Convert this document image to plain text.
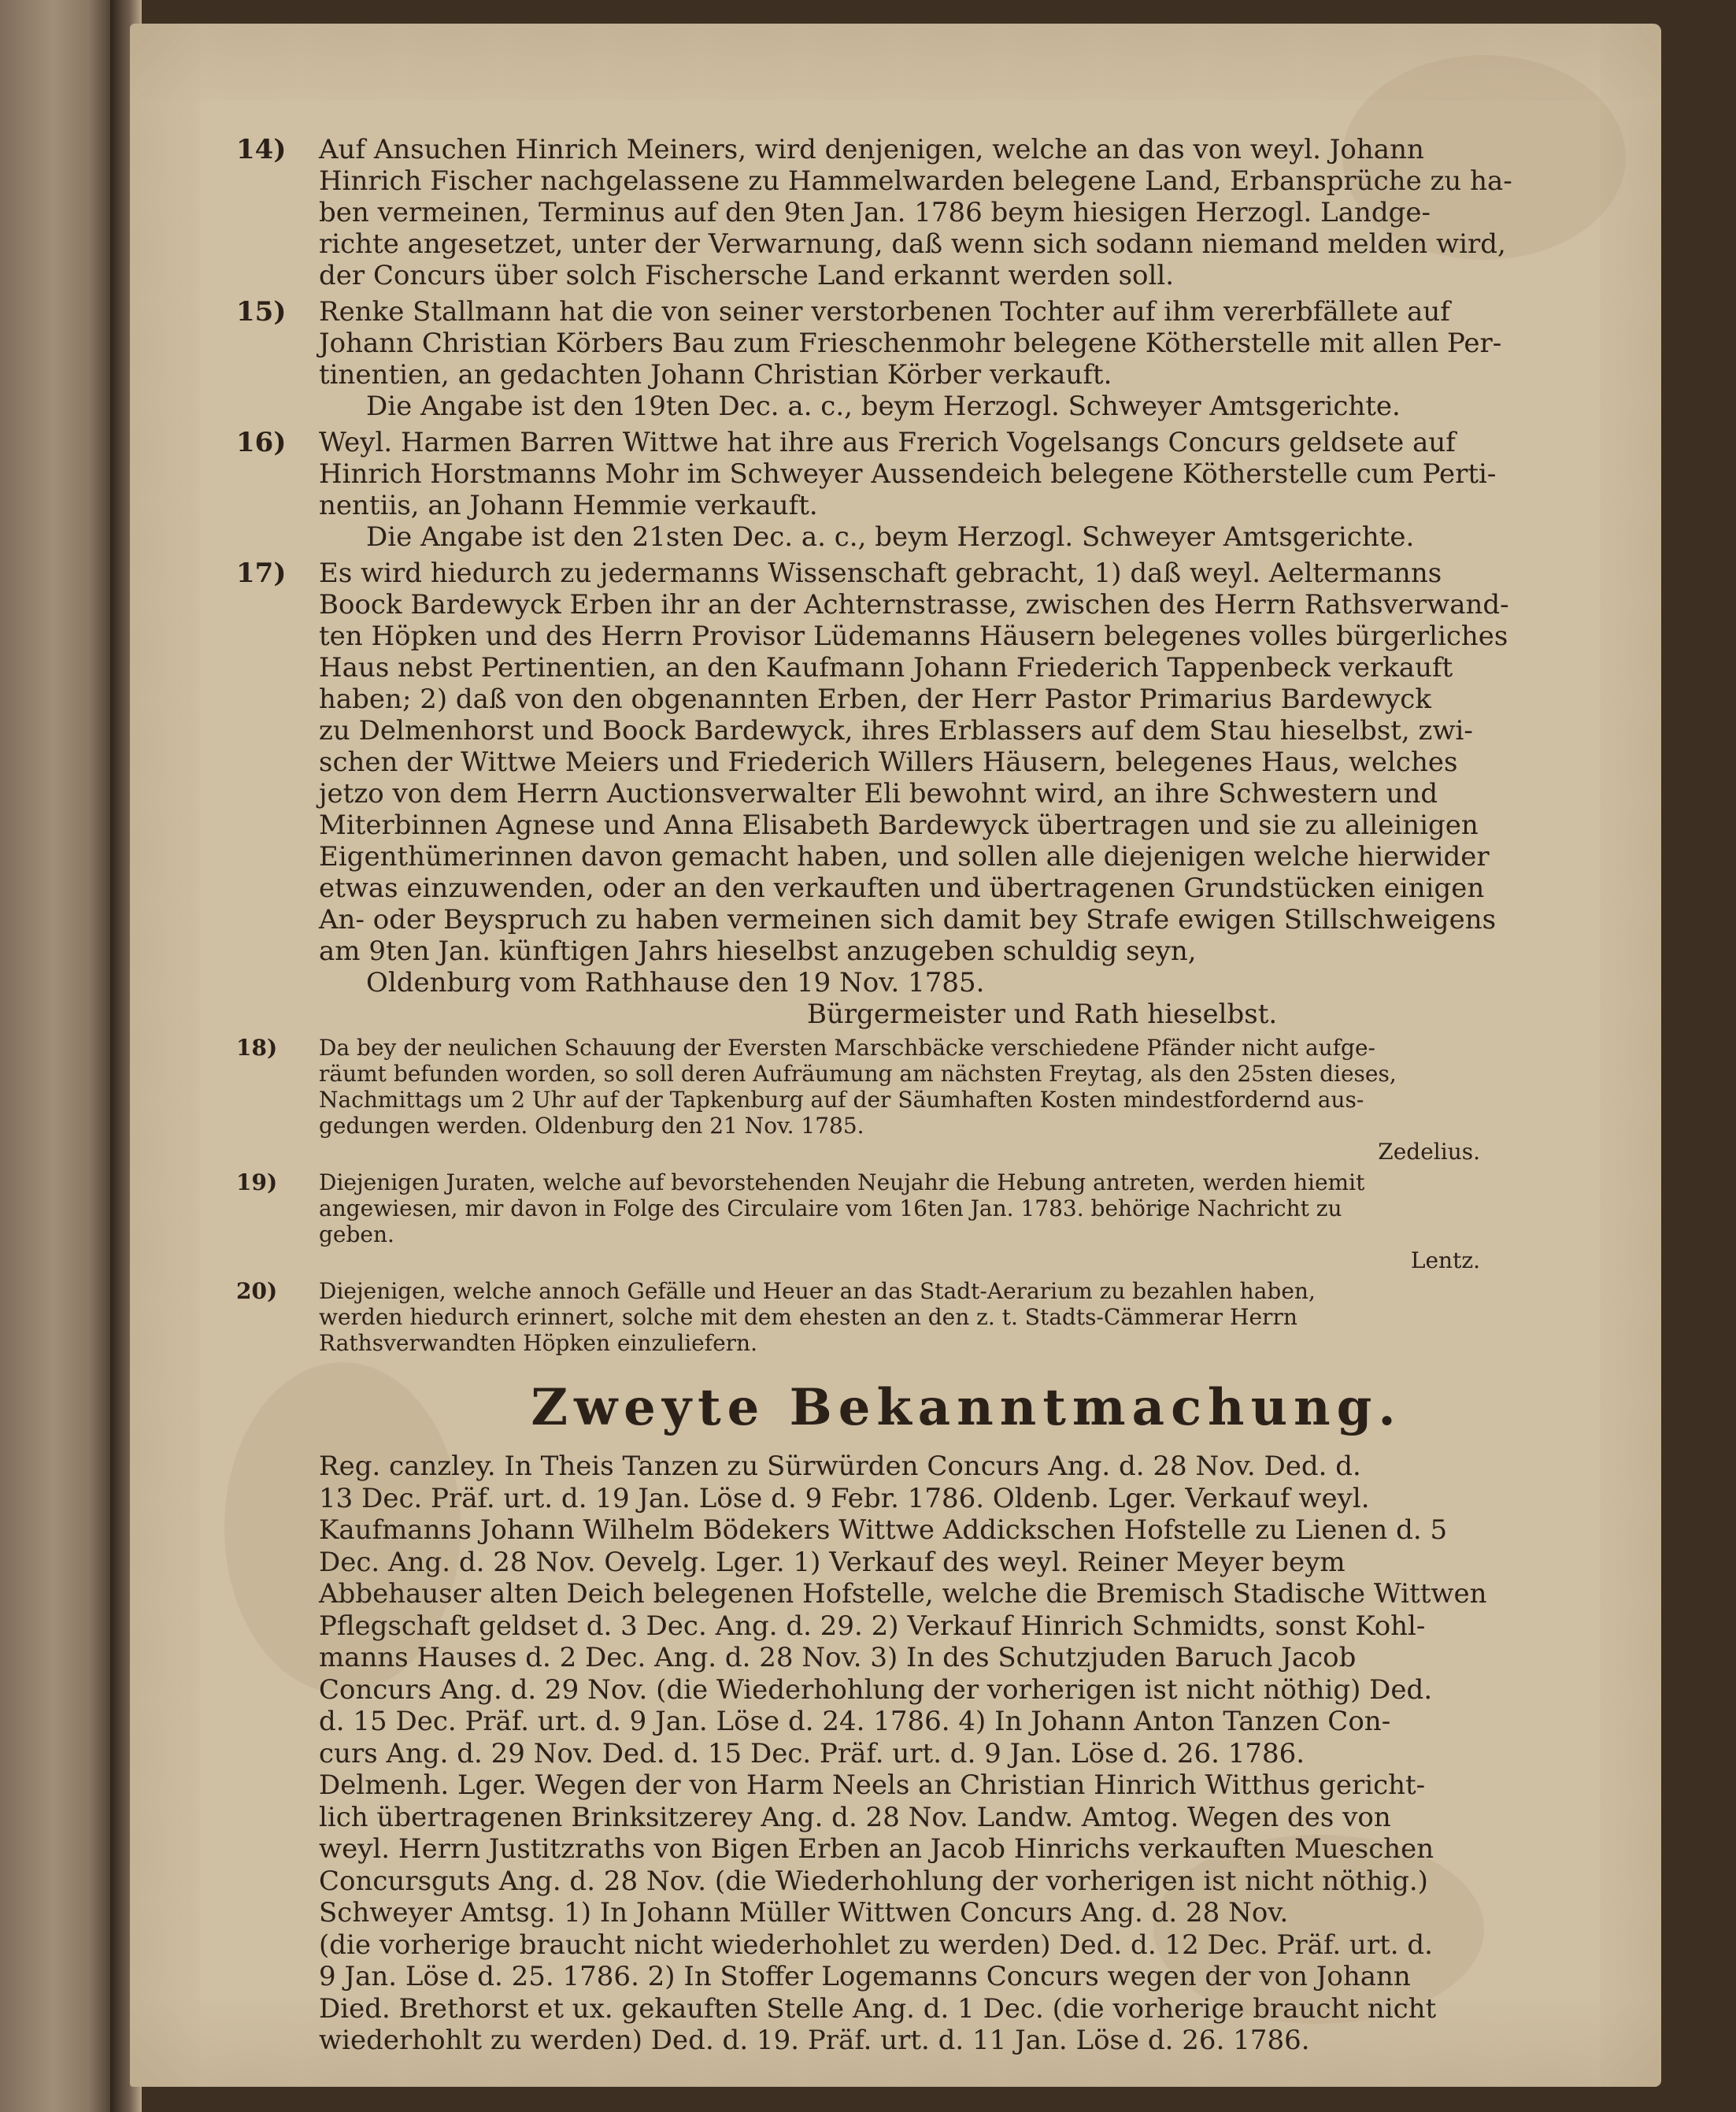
14)	Auf Ansuchen Hinrich Meiners, wird denjenigen, welche an das von weyl. Johann
Hinrich Fischer nachgelassene zu Hammelwarden belegene Land, Erbansprüche zu ha-
ben vermeinen, Terminus auf den 9ten Jan. 1786 beym hiesigen Herzogl. Landge-
richte angesetzet, unter der Verwarnung, daß wenn sich sodann niemand melden wird,
der Concurs über solch Fischersche Land erkannt werden soll.
15)	Renke Stallmann hat die von seiner verstorbenen Tochter auf ihm vererbfällete auf
Johann Christian Körbers Bau zum Frieschenmohr belegene Kötherstelle mit allen Per-
tinentien, an gedachten Johann Christian Körber verkauft.
Die Angabe ist den 19ten Dec. a. c., beym Herzogl. Schweyer Amtsgerichte.
16)	Weyl. Harmen Barren Wittwe hat ihre aus Frerich Vogelsangs Concurs geldsete auf
Hinrich Horstmanns Mohr im Schweyer Aussendeich belegene Kötherstelle cum Perti-
nentiis, an Johann Hemmie verkauft.
Die Angabe ist den 21sten Dec. a. c., beym Herzogl. Schweyer Amtsgerichte.
17)	Es wird hiedurch zu jedermanns Wissenschaft gebracht, 1) daß weyl. Aeltermanns
Boock Bardewyck Erben ihr an der Achternstrasse, zwischen des Herrn Rathsverwand-
ten Höpken und des Herrn Provisor Lüdemanns Häusern belegenes volles bürgerliches
Haus nebst Pertinentien, an den Kaufmann Johann Friederich Tappenbeck verkauft
haben; 2) daß von den obgenannten Erben, der Herr Pastor Primarius Bardewyck
zu Delmenhorst und Boock Bardewyck, ihres Erblassers auf dem Stau hieselbst, zwi-
schen der Wittwe Meiers und Friederich Willers Häusern, belegenes Haus, welches
jetzo von dem Herrn Auctionsverwalter Eli bewohnt wird, an ihre Schwestern und
Miterbinnen Agnese und Anna Elisabeth Bardewyck übertragen und sie zu alleinigen
Eigenthümerinnen davon gemacht haben, und sollen alle diejenigen welche hierwider
etwas einzuwenden, oder an den verkauften und übertragenen Grundstücken einigen
An- oder Beyspruch zu haben vermeinen sich damit bey Strafe ewigen Stillschweigens
am 9ten Jan. künftigen Jahrs hieselbst anzugeben schuldig seyn,
Oldenburg vom Rathhause den 19 Nov. 1785.
Bürgermeister und Rath hieselbst.
18)	Da bey der neulichen Schauung der Eversten Marschbäcke verschiedene Pfänder nicht aufge-
räumt befunden worden, so soll deren Aufräumung am nächsten Freytag, als den 25sten dieses,
Nachmittags um 2 Uhr auf der Tapkenburg auf der Säumhaften Kosten mindestfordernd aus-
gedungen werden. Oldenburg den 21 Nov. 1785.
Zedelius.
19)	Diejenigen Juraten, welche auf bevorstehenden Neujahr die Hebung antreten, werden hiemit
angewiesen, mir davon in Folge des Circulaire vom 16ten Jan. 1783. behörige Nachricht zu
geben.
Lentz.
20)	Diejenigen, welche annoch Gefälle und Heuer an das Stadt-Aerarium zu bezahlen haben,
werden hiedurch erinnert, solche mit dem ehesten an den z. t. Stadts-Cämmerar Herrn
Rathsverwandten Höpken einzuliefern.
Zweyte Bekanntmachung.
Reg. canzley. In Theis Tanzen zu Sürwürden Concurs Ang. d. 28 Nov. Ded. d.
13 Dec. Präf. urt. d. 19 Jan. Löse d. 9 Febr. 1786. Oldenb. Lger. Verkauf weyl.
Kaufmanns Johann Wilhelm Bödekers Wittwe Addickschen Hofstelle zu Lienen d. 5
Dec. Ang. d. 28 Nov. Oevelg. Lger. 1) Verkauf des weyl. Reiner Meyer beym
Abbehauser alten Deich belegenen Hofstelle, welche die Bremisch Stadische Wittwen
Pflegschaft geldset d. 3 Dec. Ang. d. 29. 2) Verkauf Hinrich Schmidts, sonst Kohl-
manns Hauses d. 2 Dec. Ang. d. 28 Nov. 3) In des Schutzjuden Baruch Jacob
Concurs Ang. d. 29 Nov. (die Wiederhohlung der vorherigen ist nicht nöthig) Ded.
d. 15 Dec. Präf. urt. d. 9 Jan. Löse d. 24. 1786. 4) In Johann Anton Tanzen Con-
curs Ang. d. 29 Nov. Ded. d. 15 Dec. Präf. urt. d. 9 Jan. Löse d. 26. 1786.
Delmenh. Lger. Wegen der von Harm Neels an Christian Hinrich Witthus gericht-
lich übertragenen Brinksitzerey Ang. d. 28 Nov. Landw. Amtog. Wegen des von
weyl. Herrn Justitzraths von Bigen Erben an Jacob Hinrichs verkauften Mueschen
Concursguts Ang. d. 28 Nov. (die Wiederhohlung der vorherigen ist nicht nöthig.)
Schweyer Amtsg. 1) In Johann Müller Wittwen Concurs Ang. d. 28 Nov.
(die vorherige braucht nicht wiederhohlet zu werden) Ded. d. 12 Dec. Präf. urt. d.
9 Jan. Löse d. 25. 1786. 2) In Stoffer Logemanns Concurs wegen der von Johann
Died. Brethorst et ux. gekauften Stelle Ang. d. 1 Dec. (die vorherige braucht nicht
wiederhohlt zu werden) Ded. d. 19. Präf. urt. d. 11 Jan. Löse d. 26. 1786.
